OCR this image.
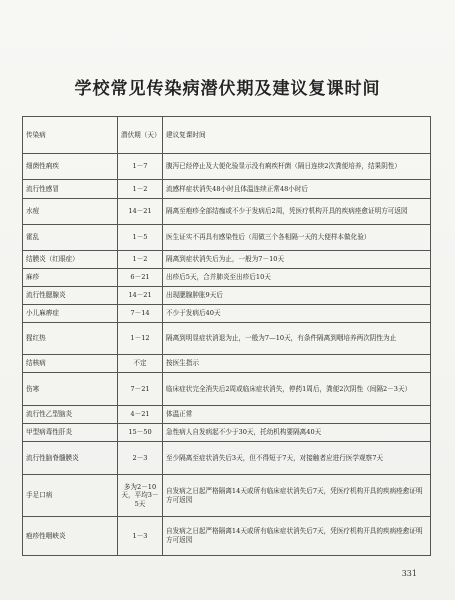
学校常见传染病潜伏期及建议复课时间
传染病	潜伏期（天）	建议复课时间
细菌性痢疾	1－7	腹泻已经停止及大便化验显示没有痢疾杆菌（隔日连续2次粪便培养，结果阴性）
流行性感冒	1－2	流感样症状消失48小时且体温连续正常48小时后
水痘	14－21	隔离至疱疹全部结痂或不少于发病后2周，凭医疗机构开具的疾病痊愈证明方可返园
霍乱	1－5	医生证实不再具有感染性后（用做三个各相隔一天的大便样本做化验）
结膜炎（红眼症）	1－2	隔离到症状消失后为止，一般为7－10天
麻疹	6－21	出疹后5天，合并肺炎至出疹后10天
流行性腮腺炎	14－21	出现腮腺肿胀9天后
小儿麻痹症	7－14	不少于发病后40天
猩红热	1－12	隔离到明显症状消退为止，一般为7—10天，有条件隔离到咽培养两次阴性为止
结核病	不定	按医生指示
伤寒	7－21	临床症状完全消失后2周或临床症状消失，停药1周后，粪便2次阴性（间隔2－3天）
流行性乙型脑炎	4－21	体温正常
甲型病毒性肝炎	15－50	急性病人自发病起不少于30天，托幼机构要隔离40天
流行性脑脊髓膜炎	2－3	至少隔离至症状消失后3天，但不得短于7天，对接触者应进行医学观察7天
手足口病	多为2－10天，平均3－5天	自发病之日起严格隔离14天或所有临床症状消失后7天，凭医疗机构开具的疾病痊愈证明方可返园
疱疹性咽峡炎	1－3	自发病之日起严格隔离14天或所有临床症状消失后7天，凭医疗机构开具的疾病痊愈证明方可返园
331
